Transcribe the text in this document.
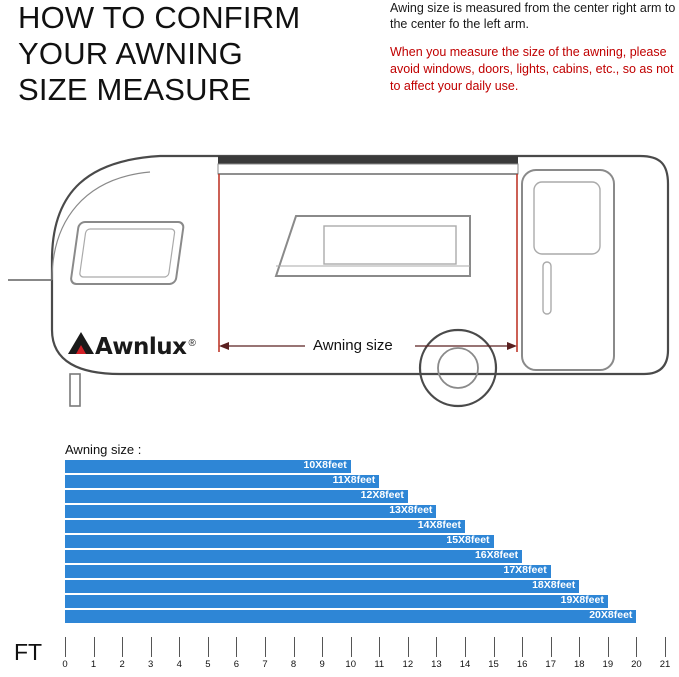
HOW TO CONFIRM
YOUR AWNING
SIZE MEASURE
Awing size is measured from the center right arm to the center fo the left arm.
When you measure the size of the awning, please avoid windows, doors, lights, cabins, etc., so as not to affect your daily use.
Awnlux ®	Awning size
Awning size :
10X8feet
11X8feet
12X8feet
13X8feet
14X8feet
15X8feet
16X8feet
17X8feet
18X8feet
19X8feet
20X8feet
FT 0 1 2 3 4 5 6 7 8 9 10 11 12 13 14 15 16 17 18 19 20 21
